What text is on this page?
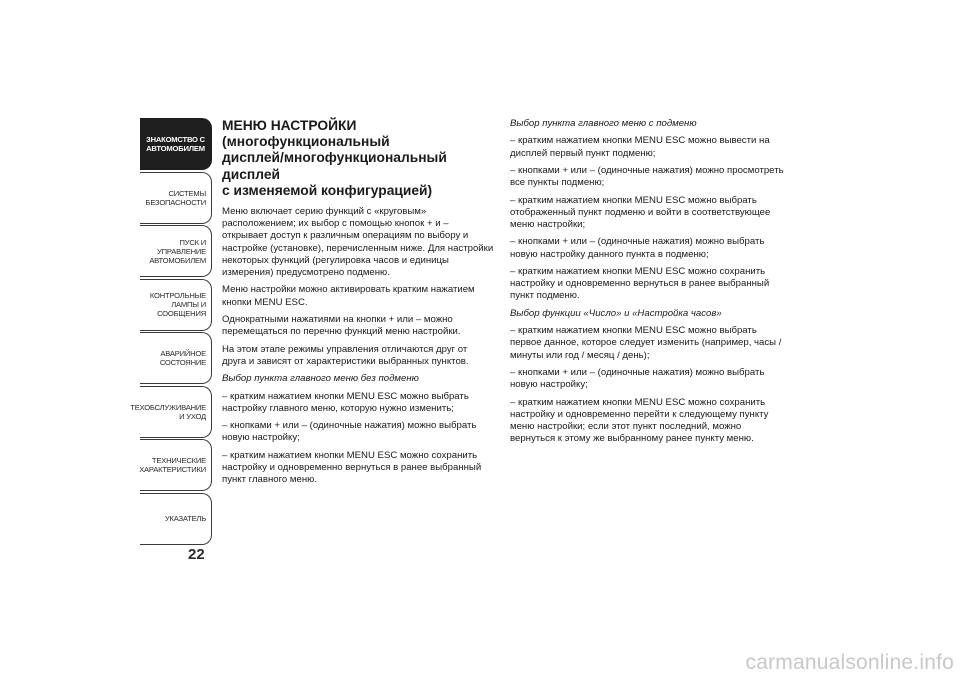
ЗНАКОМСТВО С
АВТОМОБИЛЕМ
СИСТЕМЫ
БЕЗОПАСНОСТИ
ПУСК И УПРАВЛЕНИЕ
АВТОМОБИЛЕМ
КОНТРОЛЬНЫЕ
ЛАМПЫ И
СООБЩЕНИЯ
АВАРИЙНОЕ
СОСТОЯНИЕ
ТЕХОБСЛУЖИВАНИЕ
И УХОД
ТЕХНИЧЕСКИЕ
ХАРАКТЕРИСТИКИ
УКАЗАТЕЛЬ
22
МЕНЮ НАСТРОЙКИ
(многофункциональный
дисплей/многофункциональный дисплей
с изменяемой конфигурацией)

Меню включает серию функций с «круговым» расположением; их выбор с помощью кнопок + и – открывает доступ к различным операциям по выбору и настройке (установке), перечисленным ниже. Для настройки некоторых функций (регулировка часов и единицы измерения) предусмотрено подменю.

Меню настройки можно активировать кратким нажатием кнопки MENU ESC.

Однократными нажатиями на кнопки + или – можно перемещаться по перечню функций меню настройки.

На этом этапе режимы управления отличаются друг от друга и зависят от характеристики выбранных пунктов.

Выбор пункта главного меню без подменю

– кратким нажатием кнопки MENU ESC можно выбрать настройку главного меню, которую нужно изменить;

– кнопками + или – (одиночные нажатия) можно выбрать новую настройку;

– кратким нажатием кнопки MENU ESC можно сохранить настройку и одновременно вернуться в ранее выбранный пункт главного меню.

Выбор пункта главного меню с подменю

– кратким нажатием кнопки MENU ESC можно вывести на дисплей первый пункт подменю;

– кнопками + или – (одиночные нажатия) можно просмотреть все пункты подменю;

– кратким нажатием кнопки MENU ESC можно выбрать отображенный пункт подменю и войти в соответствующее меню настройки;

– кнопками + или – (одиночные нажатия) можно выбрать новую настройку данного пункта в подменю;

– кратким нажатием кнопки MENU ESC можно сохранить настройку и одновременно вернуться в ранее выбранный пункт подменю.

Выбор функции «Число» и «Настройка часов»

– кратким нажатием кнопки MENU ESC можно выбрать первое данное, которое следует изменить (например, часы / минуты или год / месяц / день);

– кнопками + или – (одиночные нажатия) можно выбрать новую настройку;

– кратким нажатием кнопки MENU ESC можно сохранить настройку и одновременно перейти к следующему пункту меню настройки; если этот пункт последний, можно вернуться к этому же выбранному ранее пункту меню.

carmanualsonline.info
